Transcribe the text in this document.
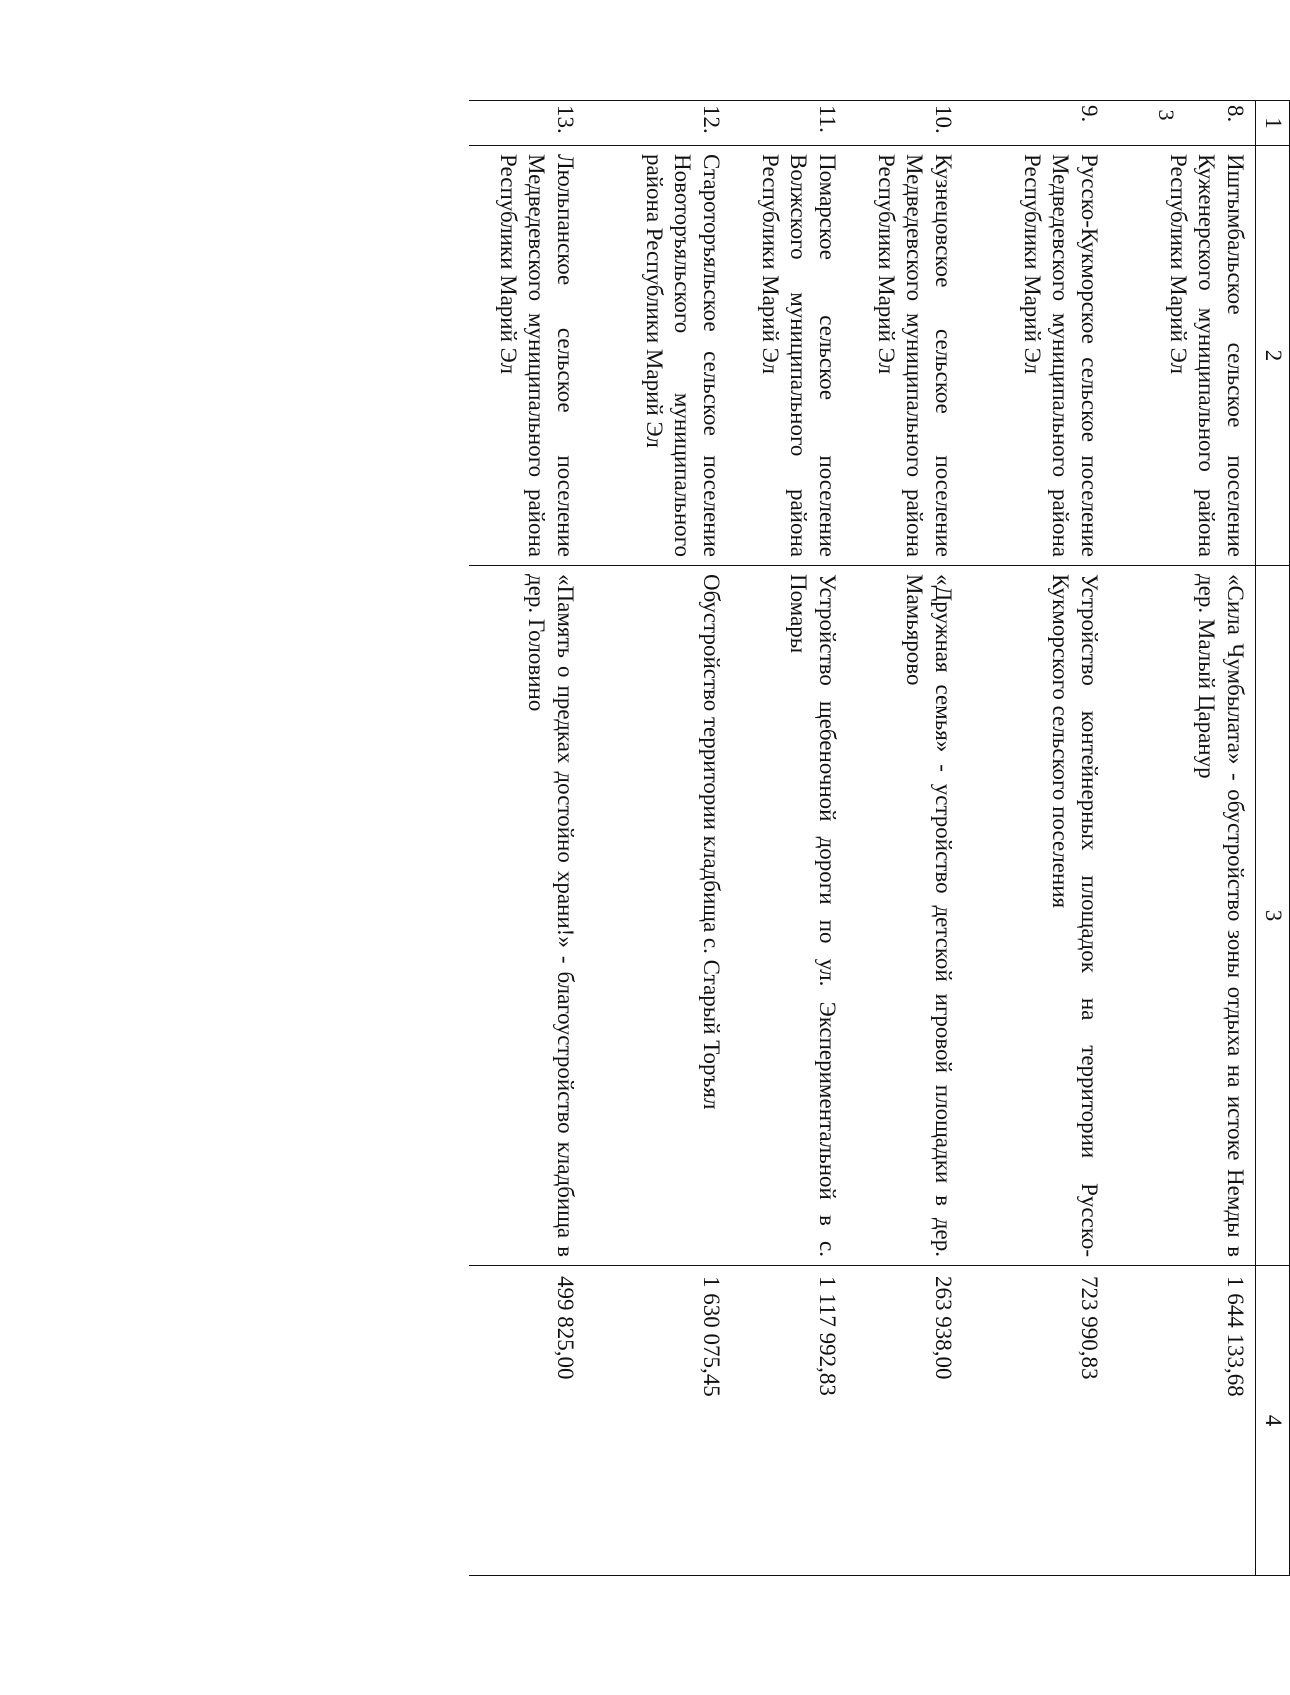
3
1	2	3	4
8.	Иштымбальское сельское поселение Куженерского муниципального района Республики Марий Эл	«Сила Чумбылата» - обустройство зоны отдыха на истоке Немды в дер. Малый Царанур	1 644 133,68
9.	Русско-Кукморское сельское поселение Медведевского муниципального района Республики Марий Эл	Устройство контейнерных площадок на территории Русско-Кукморского сельского поселения	723 990,83
10.	Кузнецовское сельское поселение Медведевского муниципального района Республики Марий Эл	«Дружная семья» - устройство детской игровой площадки в дер. Мамьярово	263 938,00
11.	Помарское сельское поселение Волжского муниципального района Республики Марий Эл	Устройство щебеночной дороги по ул. Экспериментальной в с. Помары	1 117 992,83
12.	Староторъяльское сельское поселение Новоторъяльского муниципального района Республики Марий Эл	Обустройство территории кладбища с. Старый Торъял	1 630 075,45
13.	Люльпанское сельское поселение Медведевского муниципального района Республики Марий Эл	«Память о предках достойно храни!» - благоустройство кладбища в дер. Головино	499 825,00
